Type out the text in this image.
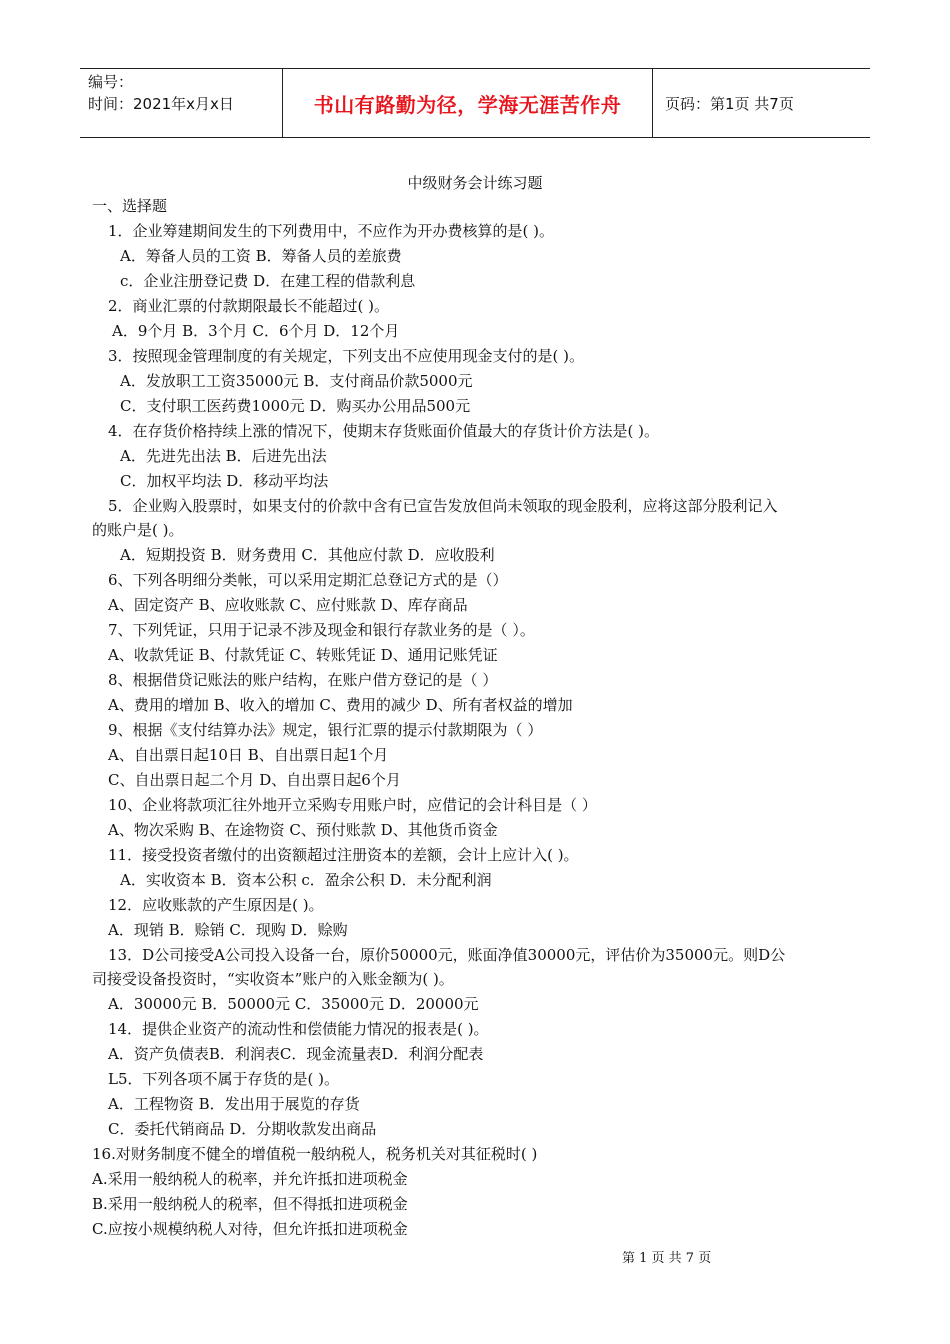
编号：
时间：2021年x月x日	书山有路勤为径，学海无涯苦作舟	页码：第1页 共7页
中级财务会计练习题
一、选择题
1．企业筹建期间发生的下列费用中，不应作为开办费核算的是( )。
A．筹备人员的工资 B．筹备人员的差旅费
c．企业注册登记费 D．在建工程的借款利息
2．商业汇票的付款期限最长不能超过( )。
A．9个月 B．3个月 C．6个月 D．12个月
3．按照现金管理制度的有关规定，下列支出不应使用现金支付的是( )。
A．发放职工工资35000元 B．支付商品价款5000元
C．支付职工医药费1000元 D．购买办公用品500元
4．在存货价格持续上涨的情况下，使期末存货账面价值最大的存货计价方法是( )。
A．先进先出法 B．后进先出法
C．加权平均法 D．移动平均法
5．企业购入股票时，如果支付的价款中含有已宣告发放但尚未领取的现金股利，应将这部分股利记入
的账户是( )。
A．短期投资 B．财务费用 C．其他应付款 D．应收股利
6、下列各明细分类帐，可以采用定期汇总登记方式的是（）
A、固定资产 B、应收账款 C、应付账款 D、库存商品
7、下列凭证，只用于记录不涉及现金和银行存款业务的是（ ）。
A、收款凭证 B、付款凭证 C、转账凭证 D、通用记账凭证
8、根据借贷记账法的账户结构，在账户借方登记的是（ ）
A、费用的增加 B、收入的增加 C、费用的减少 D、所有者权益的增加
9、根据《支付结算办法》规定，银行汇票的提示付款期限为（ ）
A、自出票日起10日 B、自出票日起1个月
C、自出票日起二个月 D、自出票日起6个月
10、企业将款项汇往外地开立采购专用账户时，应借记的会计科目是（ ）
A、物次采购 B、在途物资 C、预付账款 D、其他货币资金
11．接受投资者缴付的出资额超过注册资本的差额，会计上应计入( )。
A．实收资本 B．资本公积 c．盈余公积 D．未分配利润
12．应收账款的产生原因是( )。
A．现销 B．赊销 C．现购 D．赊购
13．D公司接受A公司投入设备一台，原价50000元，账面净值30000元，评估价为35000元。则D公
司接受设备投资时，“实收资本”账户的入账金额为( )。
A．30000元 B．50000元 C．35000元 D．20000元
14．提供企业资产的流动性和偿债能力情况的报表是( )。
A．资产负债表B．利润表C．现金流量表D．利润分配表
L5．下列各项不属于存货的是( )。
A．工程物资 B．发出用于展览的存货
C．委托代销商品 D．分期收款发出商品
16.对财务制度不健全的增值税一般纳税人，税务机关对其征税时( )
A.采用一般纳税人的税率，并允许抵扣进项税金
B.采用一般纳税人的税率，但不得抵扣进项税金
C.应按小规模纳税人对待，但允许抵扣进项税金
第 1 页 共 7 页
